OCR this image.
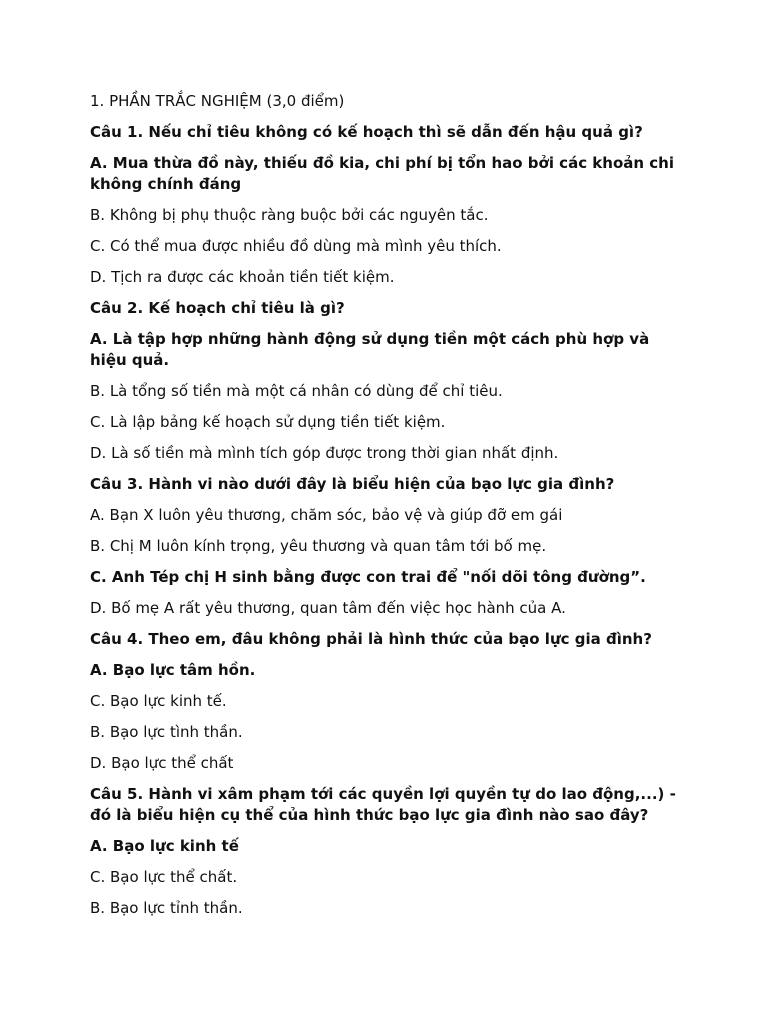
1. PHẦN TRẮC NGHIỆM (3,0 điểm)
Câu 1. Nếu chỉ tiêu không có kế hoạch thì sẽ dẫn đến hậu quả gì?
A. Mua thừa đồ này, thiếu đồ kia, chi phí bị tổn hao bởi các khoản chi không chính đáng
B. Không bị phụ thuộc ràng buộc bởi các nguyên tắc.
C. Có thể mua được nhiều đồ dùng mà mình yêu thích.
D. Tịch ra được các khoản tiền tiết kiệm.
Câu 2. Kế hoạch chỉ tiêu là gì?
A. Là tập hợp những hành động sử dụng tiền một cách phù hợp và hiệu quả.
B. Là tổng số tiền mà một cá nhân có dùng để chỉ tiêu.
C. Là lập bảng kế hoạch sử dụng tiền tiết kiệm.
D. Là số tiền mà mình tích góp được trong thời gian nhất định.
Câu 3. Hành vi nào dưới đây là biểu hiện của bạo lực gia đình?
A. Bạn X luôn yêu thương, chăm sóc, bảo vệ và giúp đỡ em gái
B. Chị M luôn kính trọng, yêu thương và quan tâm tới bố mẹ.
C. Anh Tép chị H sinh bằng được con trai để "nối dõi tông đường”.
D. Bố mẹ A rất yêu thương, quan tâm đến việc học hành của A.
Câu 4. Theo em, đâu không phải là hình thức của bạo lực gia đình?
A. Bạo lực tâm hồn.
C. Bạo lực kinh tế.
B. Bạo lực tình thần.
D. Bạo lực thể chất
Câu 5. Hành vi xâm phạm tới các quyền lợi quyền tự do lao động,...) - đó là biểu hiện cụ thể của hình thức bạo lực gia đình nào sao đây?
A. Bạo lực kinh tế
C. Bạo lực thể chất.
B. Bạo lực tỉnh thần.
